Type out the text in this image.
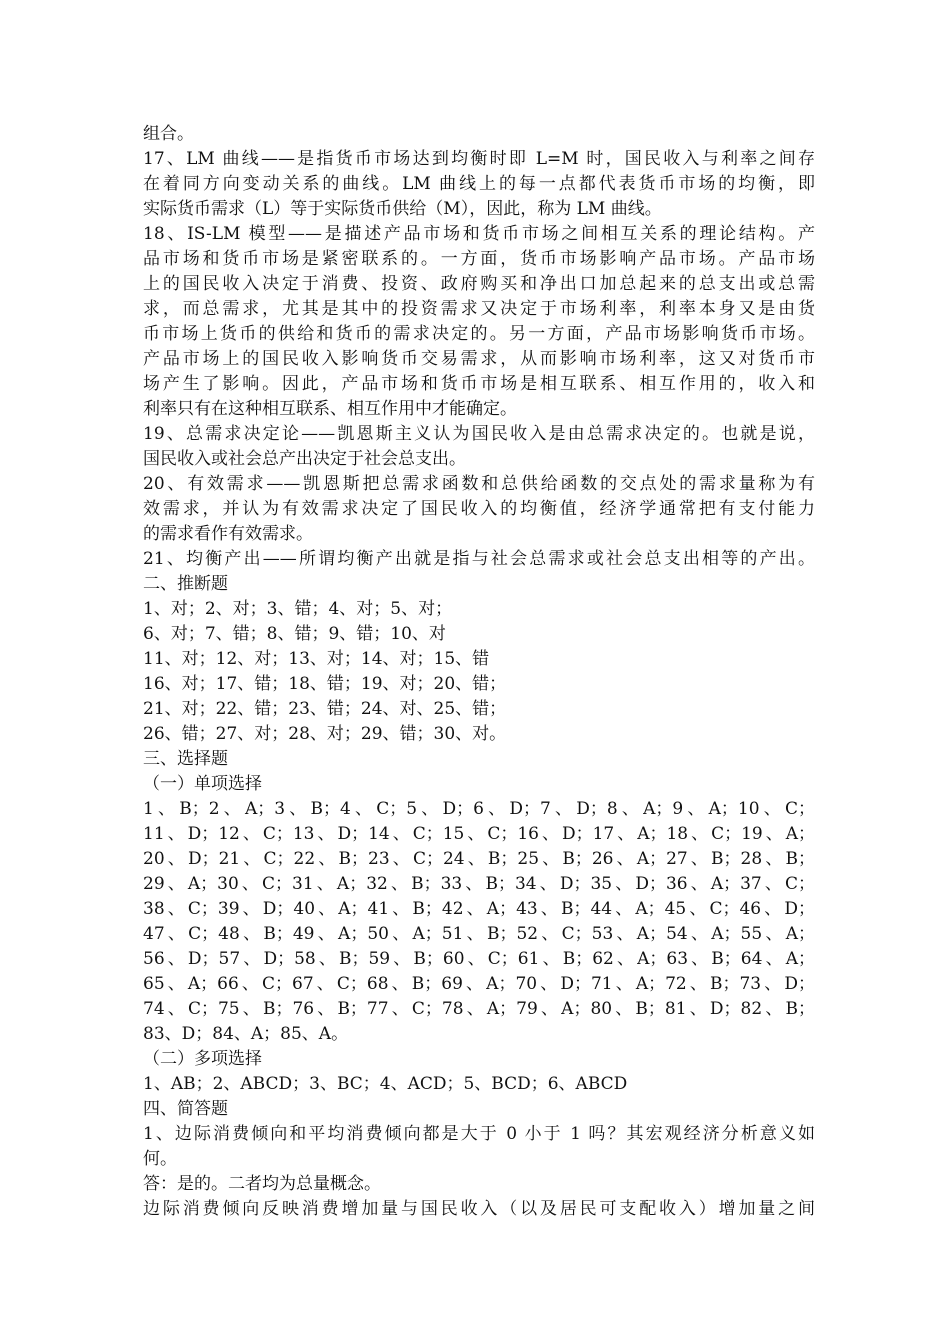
组合。
17、LM 曲线——是指货币市场达到均衡时即 L=M 时，国民收入与利率之间存
在着同方向变动关系的曲线。LM 曲线上的每一点都代表货币市场的均衡，即
实际货币需求（L）等于实际货币供给（M），因此，称为 LM 曲线。
18、IS-LM 模型——是描述产品市场和货币市场之间相互关系的理论结构。产
品市场和货币市场是紧密联系的。一方面，货币市场影响产品市场。产品市场
上的国民收入决定于消费、投资、政府购买和净出口加总起来的总支出或总需
求，而总需求，尤其是其中的投资需求又决定于市场利率，利率本身又是由货
币市场上货币的供给和货币的需求决定的。另一方面，产品市场影响货币市场。
产品市场上的国民收入影响货币交易需求，从而影响市场利率，这又对货币市
场产生了影响。因此，产品市场和货币市场是相互联系、相互作用的，收入和
利率只有在这种相互联系、相互作用中才能确定。
19、总需求决定论——凯恩斯主义认为国民收入是由总需求决定的。也就是说，
国民收入或社会总产出决定于社会总支出。
20、有效需求——凯恩斯把总需求函数和总供给函数的交点处的需求量称为有
效需求，并认为有效需求决定了国民收入的均衡值，经济学通常把有支付能力
的需求看作有效需求。
21、均衡产出——所谓均衡产出就是指与社会总需求或社会总支出相等的产出。
二、推断题
1、对；2、对；3、错；4、对；5、对；
6、对；7、错；8、错；9、错；10、对
11、对；12、对；13、对；14、对；15、错
16、对；17、错；18、错；19、对；20、错；
21、对；22、错；23、错；24、对、25、错；
26、错；27、对；28、对；29、错；30、对。
三、选择题
（一）单项选择
1、B；2、A；3、B；4、C；5、D；6、D；7、D；8、A；9、A；10、C；
11、D；12、C；13、D；14、C；15、C；16、D；17、A；18、C；19、A；
20、D；21、C；22、B；23、C；24、B；25、B；26、A；27、B；28、B；
29、A；30、C；31、A；32、B；33、B；34、D；35、D；36、A；37、C；
38、C；39、D；40、A；41、B；42、A；43、B；44、A；45、C；46、D；
47、C；48、B；49、A；50、A；51、B；52、C；53、A；54、A；55、A；
56、D；57、D；58、B；59、B；60、C；61、B；62、A；63、B；64、A；
65、A；66、C；67、C；68、B；69、A；70、D；71、A；72、B；73、D；
74、C；75、B；76、B；77、C；78、A；79、A；80、B；81、D；82、B；
83、D；84、A；85、A。
（二）多项选择
1、AB；2、ABCD；3、BC；4、ACD；5、BCD；6、ABCD
四、简答题
1、边际消费倾向和平均消费倾向都是大于 0 小于 1 吗？其宏观经济分析意义如
何。
答：是的。二者均为总量概念。
边际消费倾向反映消费增加量与国民收入（以及居民可支配收入）增加量之间
